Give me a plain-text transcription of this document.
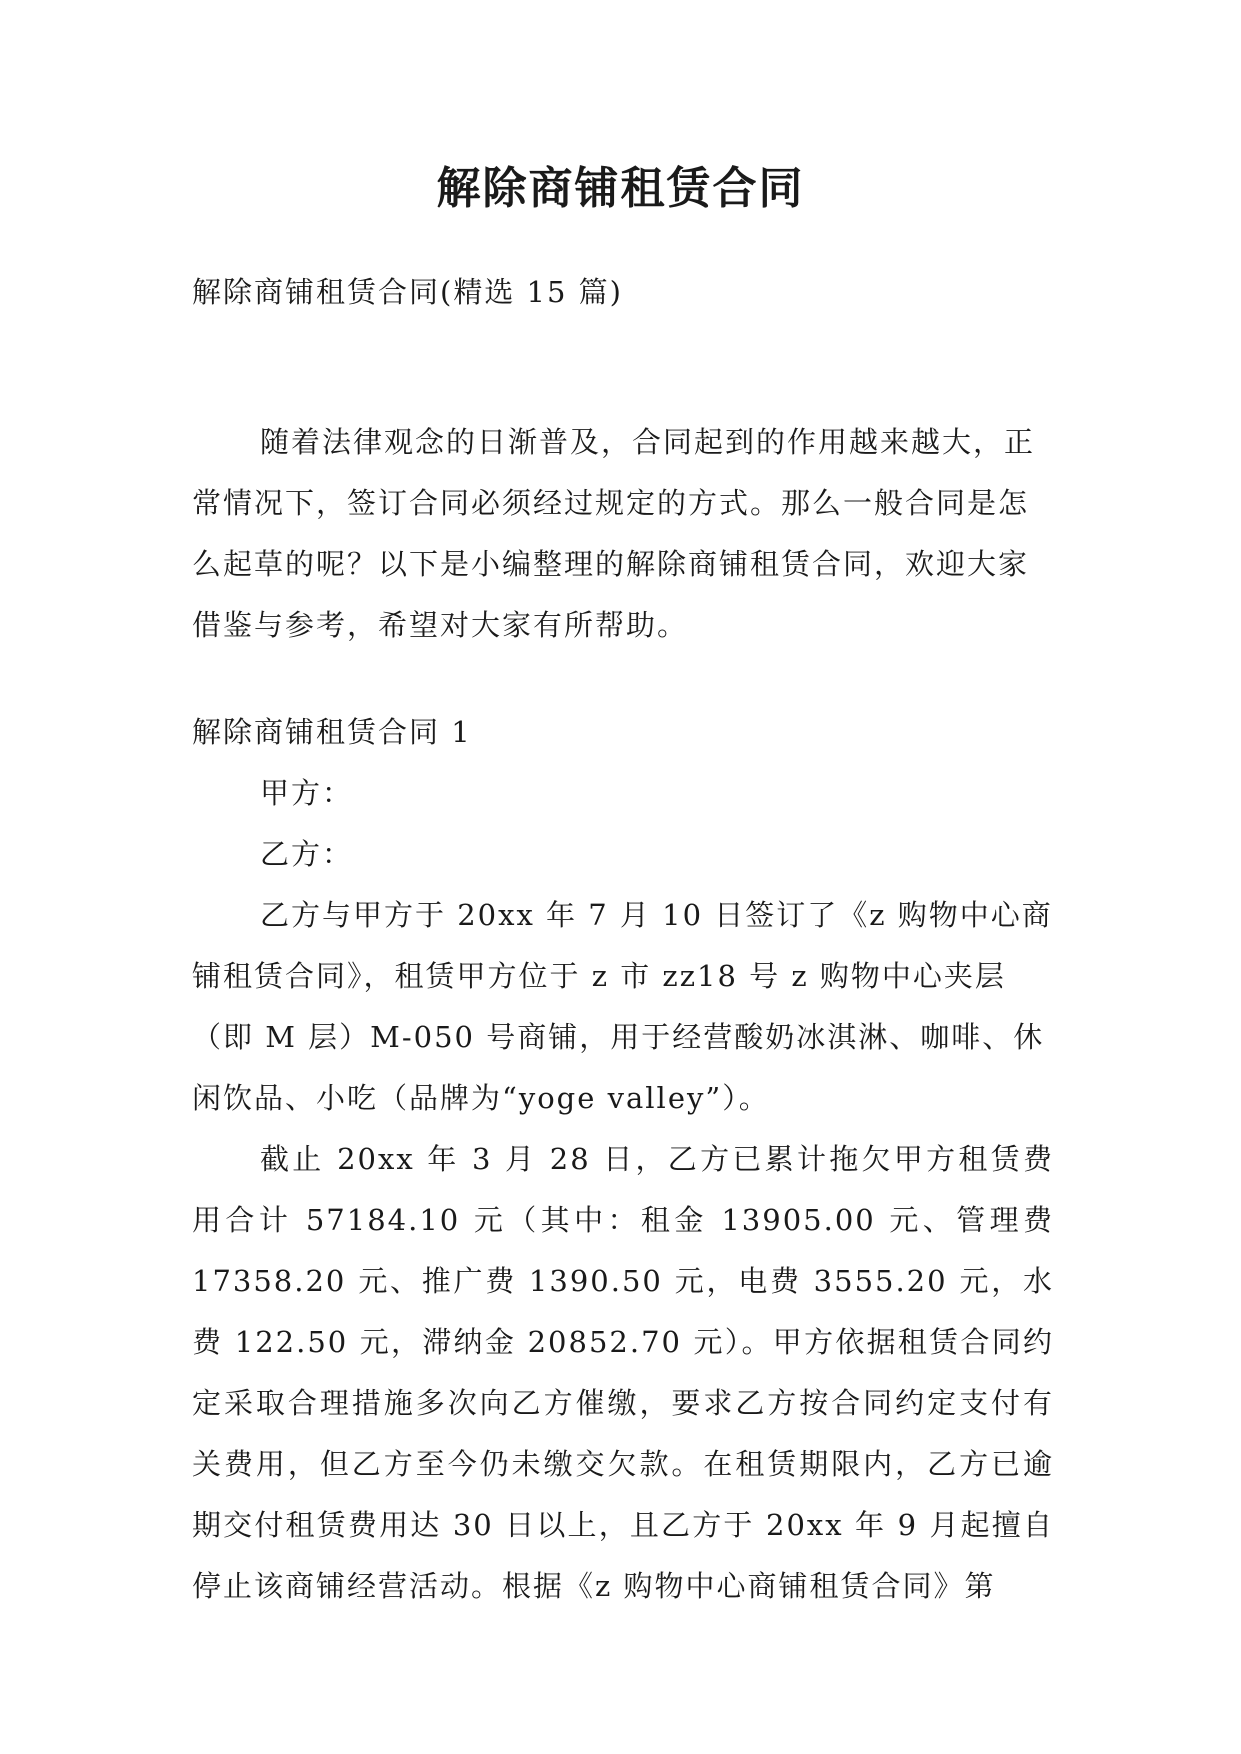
解除商铺租赁合同

解除商铺租赁合同(精选 15 篇)

随着法律观念的日渐普及，合同起到的作用越来越大，正常情况下，签订合同必须经过规定的方式。那么一般合同是怎么起草的呢？以下是小编整理的解除商铺租赁合同，欢迎大家借鉴与参考，希望对大家有所帮助。

解除商铺租赁合同 1

甲方：

乙方：

乙方与甲方于 20xx 年 7 月 10 日签订了《z 购物中心商铺租赁合同》，租赁甲方位于 z 市 zz18 号 z 购物中心夹层（即 M 层）M-050 号商铺，用于经营酸奶冰淇淋、咖啡、休闲饮品、小吃（品牌为“yoge valley”）。

截止 20xx 年 3 月 28 日，乙方已累计拖欠甲方租赁费用合计 57184.10 元（其中：租金 13905.00 元、管理费 17358.20 元、推广费 1390.50 元，电费 3555.20 元，水费 122.50 元，滞纳金 20852.70 元）。甲方依据租赁合同约定采取合理措施多次向乙方催缴，要求乙方按合同约定支付有关费用，但乙方至今仍未缴交欠款。在租赁期限内，乙方已逾期交付租赁费用达 30 日以上，且乙方于 20xx 年 9 月起擅自停止该商铺经营活动。根据《z 购物中心商铺租赁合同》第
